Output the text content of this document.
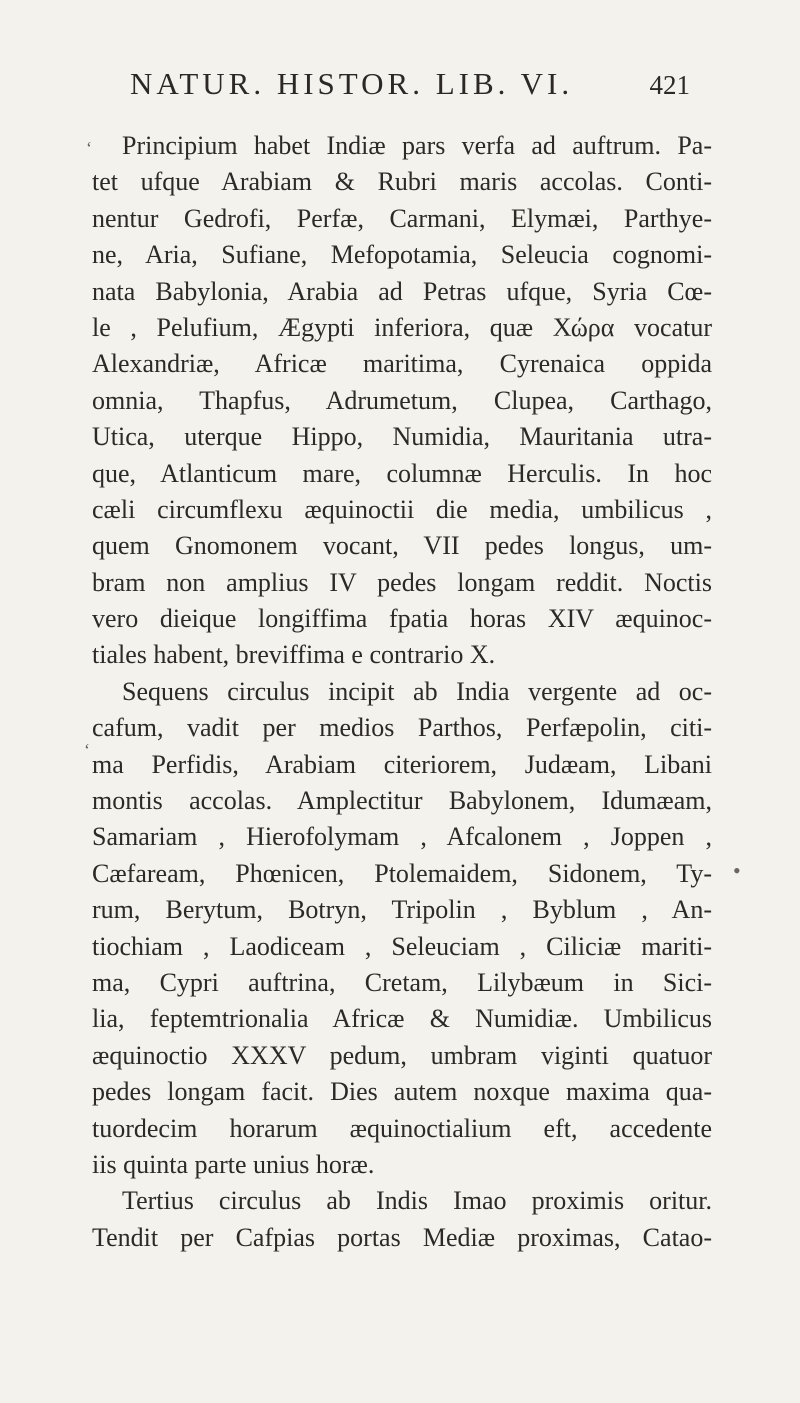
NATUR. HISTOR. LIB. VI.	421
‘
‘
•
Principium habet Indiæ pars verfa ad auftrum. Pa-
tet ufque Arabiam & Rubri maris accolas. Conti-
nentur Gedrofi, Perfæ, Carmani, Elymæi, Parthye-
ne, Aria, Sufiane, Mefopotamia, Seleucia cognomi-
nata Babylonia, Arabia ad Petras ufque, Syria Cœ-
le , Pelufium, Ægypti inferiora, quæ Χώρα vocatur
Alexandriæ, Africæ maritima, Cyrenaica oppida
omnia, Thapfus, Adrumetum, Clupea, Carthago,
Utica, uterque Hippo, Numidia, Mauritania utra-
que, Atlanticum mare, columnæ Herculis. In hoc
cæli circumflexu æquinoctii die media, umbilicus ,
quem Gnomonem vocant, VII pedes longus, um-
bram non amplius IV pedes longam reddit. Noctis
vero dieique longiffima fpatia horas XIV æquinoc-
tiales habent, breviffima e contrario X.
Sequens circulus incipit ab India vergente ad oc-
cafum, vadit per medios Parthos, Perfæpolin, citi-
ma Perfidis, Arabiam citeriorem, Judæam, Libani
montis accolas. Amplectitur Babylonem, Idumæam,
Samariam , Hierofolymam , Afcalonem , Joppen ,
Cæfaream, Phœnicen, Ptolemaidem, Sidonem, Ty-
rum, Berytum, Botryn, Tripolin , Byblum , An-
tiochiam , Laodiceam , Seleuciam , Ciliciæ mariti-
ma, Cypri auftrina, Cretam, Lilybæum in Sici-
lia, feptemtrionalia Africæ & Numidiæ. Umbilicus
æquinoctio XXXV pedum, umbram viginti quatuor
pedes longam facit. Dies autem noxque maxima qua-
tuordecim horarum æquinoctialium eft, accedente
iis quinta parte unius horæ.
Tertius circulus ab Indis Imao proximis oritur.
Tendit per Cafpias portas Mediæ proximas, Catao-
